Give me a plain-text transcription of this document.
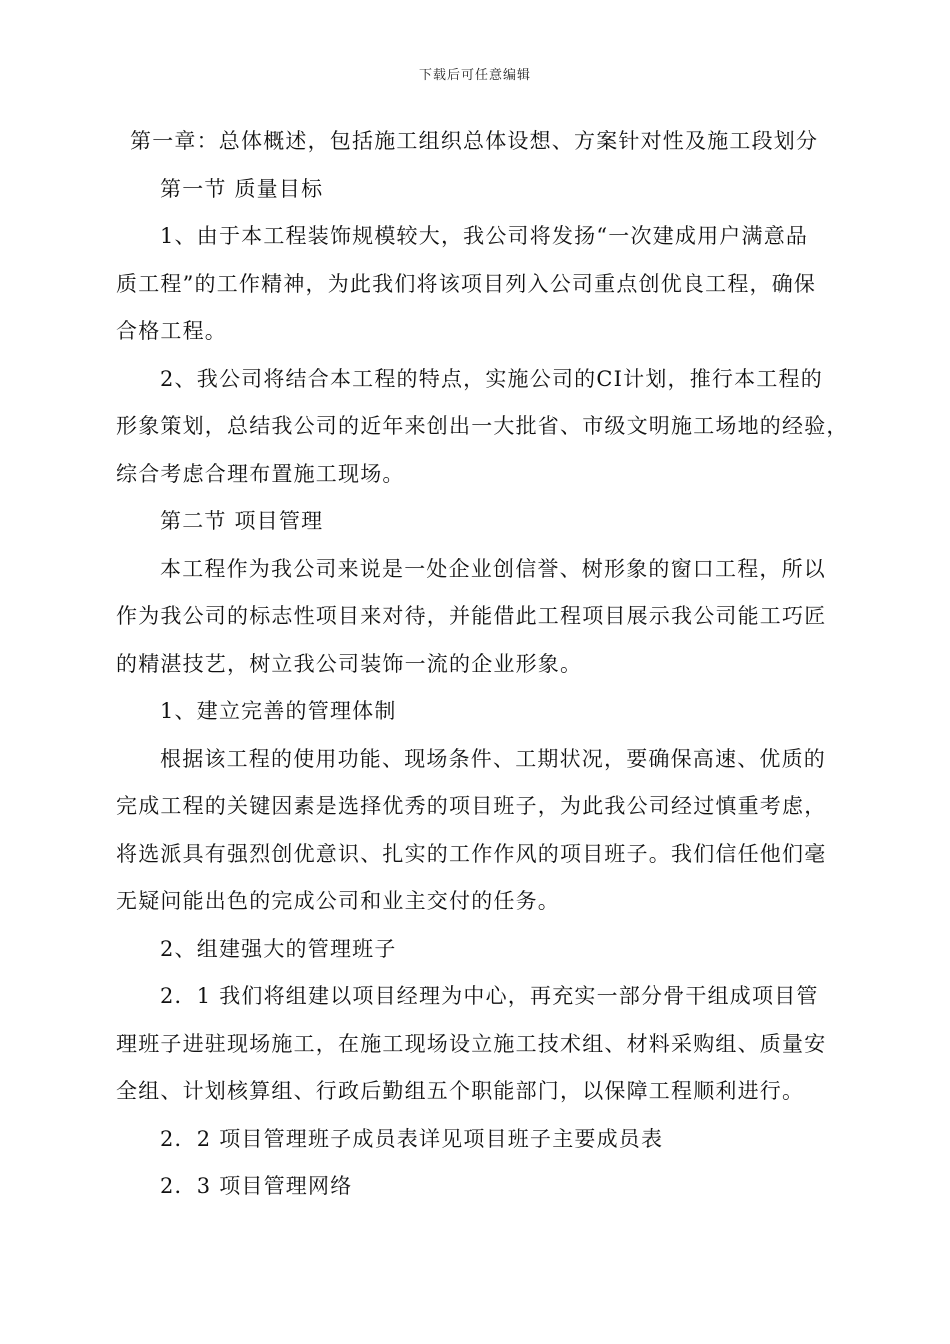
下载后可任意编辑
第一章：总体概述，包括施工组织总体设想、方案针对性及施工段划分
第一节 质量目标
1、由于本工程装饰规模较大，我公司将发扬“一次建成用户满意品
质工程”的工作精神，为此我们将该项目列入公司重点创优良工程，确保
合格工程。
2、我公司将结合本工程的特点，实施公司的CI计划，推行本工程的
形象策划，总结我公司的近年来创出一大批省、市级文明施工场地的经验，
综合考虑合理布置施工现场。
第二节 项目管理
本工程作为我公司来说是一处企业创信誉、树形象的窗口工程，所以
作为我公司的标志性项目来对待，并能借此工程项目展示我公司能工巧匠
的精湛技艺，树立我公司装饰一流的企业形象。
1、建立完善的管理体制
根据该工程的使用功能、现场条件、工期状况，要确保高速、优质的
完成工程的关键因素是选择优秀的项目班子，为此我公司经过慎重考虑，
将选派具有强烈创优意识、扎实的工作作风的项目班子。我们信任他们毫
无疑问能出色的完成公司和业主交付的任务。
2、组建强大的管理班子
2．1 我们将组建以项目经理为中心，再充实一部分骨干组成项目管
理班子进驻现场施工，在施工现场设立施工技术组、材料采购组、质量安
全组、计划核算组、行政后勤组五个职能部门，以保障工程顺利进行。
2．2 项目管理班子成员表详见项目班子主要成员表
2．3 项目管理网络
